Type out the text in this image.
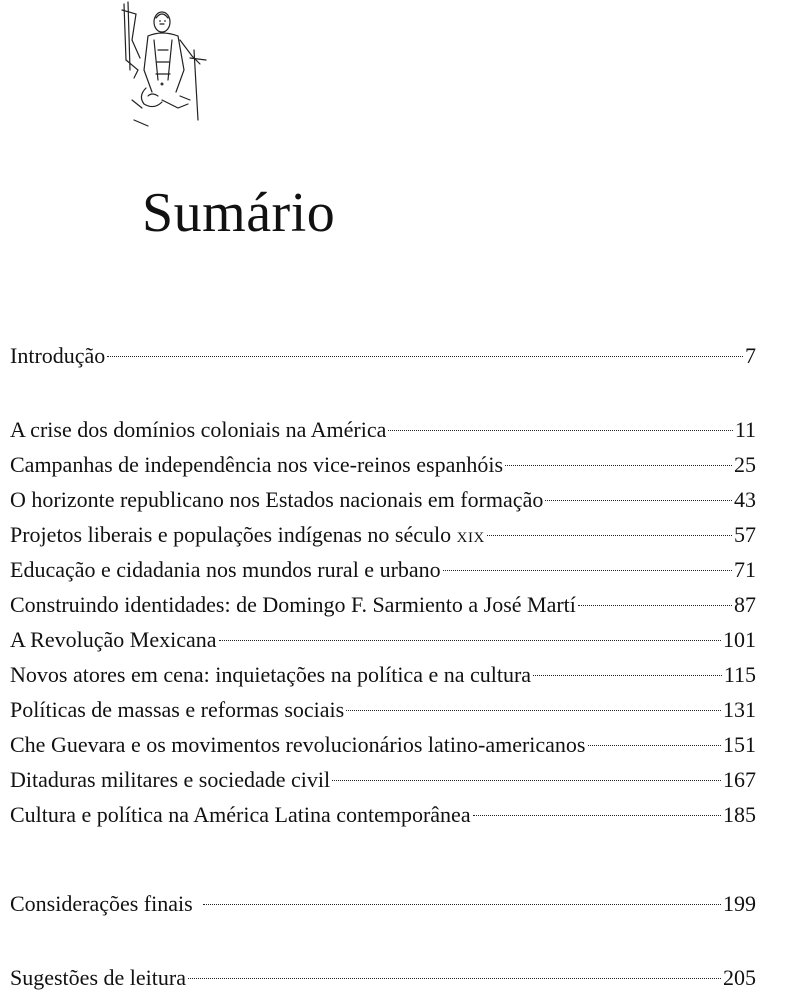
Sumário
Introdução	7
A crise dos domínios coloniais na América	11
Campanhas de independência nos vice-reinos espanhóis	25
O horizonte republicano nos Estados nacionais em formação	43
Projetos liberais e populações indígenas no século XIX	57
Educação e cidadania nos mundos rural e urbano	71
Construindo identidades: de Domingo F. Sarmiento a José Martí	87
A Revolução Mexicana	101
Novos atores em cena: inquietações na política e na cultura	115
Políticas de massas e reformas sociais	131
Che Guevara e os movimentos revolucionários latino-americanos	151
Ditaduras militares e sociedade civil	167
Cultura e política na América Latina contemporânea	185
Considerações finais	199
Sugestões de leitura	205
